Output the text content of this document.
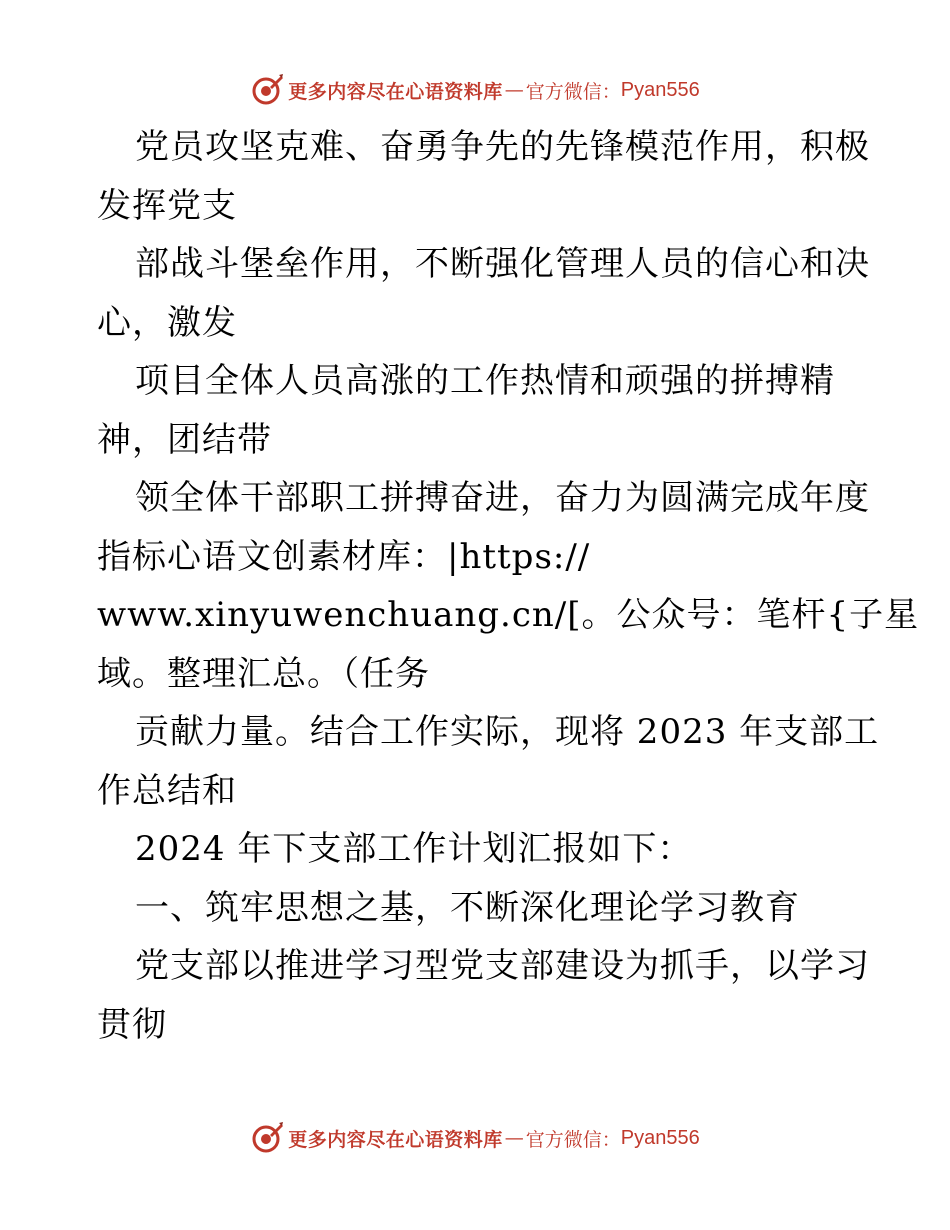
更多内容尽在心语资料库 — 官方微信： Pyan556
党员攻坚克难、奋勇争先的先锋模范作用，积极
发挥党支
部战斗堡垒作用，不断强化管理人员的信心和决
心，激发
项目全体人员高涨的工作热情和顽强的拼搏精
神，团结带
领全体干部职工拼搏奋进，奋力为圆满完成年度
指标心语文创素材库：|https://
www.xinyuwenchuang.cn/[。公众号：笔杆{子星
域。整理汇总。（任务
贡献力量。结合工作实际，现将 2023 年支部工
作总结和
2024 年下支部工作计划汇报如下：
一、筑牢思想之基，不断深化理论学习教育
党支部以推进学习型党支部建设为抓手，以学习
贯彻
更多内容尽在心语资料库 — 官方微信： Pyan556
